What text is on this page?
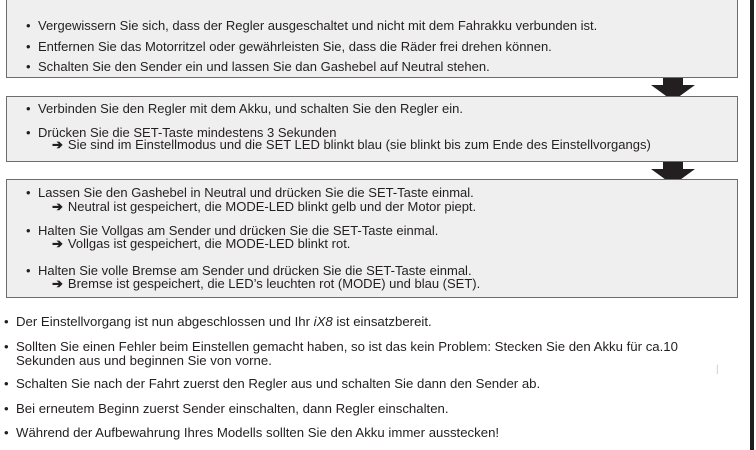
• Vergewissern Sie sich, dass der Regler ausgeschaltet und nicht mit dem Fahrakku verbunden ist.
• Entfernen Sie das Motorritzel oder gewährleisten Sie, dass die Räder frei drehen können.
• Schalten Sie den Sender ein und lassen Sie dan Gashebel auf Neutral stehen.
• Verbinden Sie den Regler mit dem Akku, und schalten Sie den Regler ein.
• Drücken Sie die SET-Taste mindestens 3 Sekunden
➔ Sie sind im Einstellmodus und die SET LED blinkt blau (sie blinkt bis zum Ende des Einstellvorgangs)
• Lassen Sie den Gashebel in Neutral und drücken Sie die SET-Taste einmal.
➔ Neutral ist gespeichert, die MODE-LED blinkt gelb und der Motor piept.
• Halten Sie Vollgas am Sender und drücken Sie die SET-Taste einmal.
➔ Vollgas ist gespeichert, die MODE-LED blinkt rot.
• Halten Sie volle Bremse am Sender und drücken Sie die SET-Taste einmal.
➔ Bremse ist gespeichert, die LED’s leuchten rot (MODE) und blau (SET).
• Der Einstellvorgang ist nun abgeschlossen und Ihr iX8 ist einsatzbereit.
• Sollten Sie einen Fehler beim Einstellen gemacht haben, so ist das kein Problem: Stecken Sie den Akku für ca.10
Sekunden aus und beginnen Sie von vorne.
• Schalten Sie nach der Fahrt zuerst den Regler aus und schalten Sie dann den Sender ab.
• Bei erneutem Beginn zuerst Sender einschalten, dann Regler einschalten.
• Während der Aufbewahrung Ihres Modells sollten Sie den Akku immer ausstecken!
|
